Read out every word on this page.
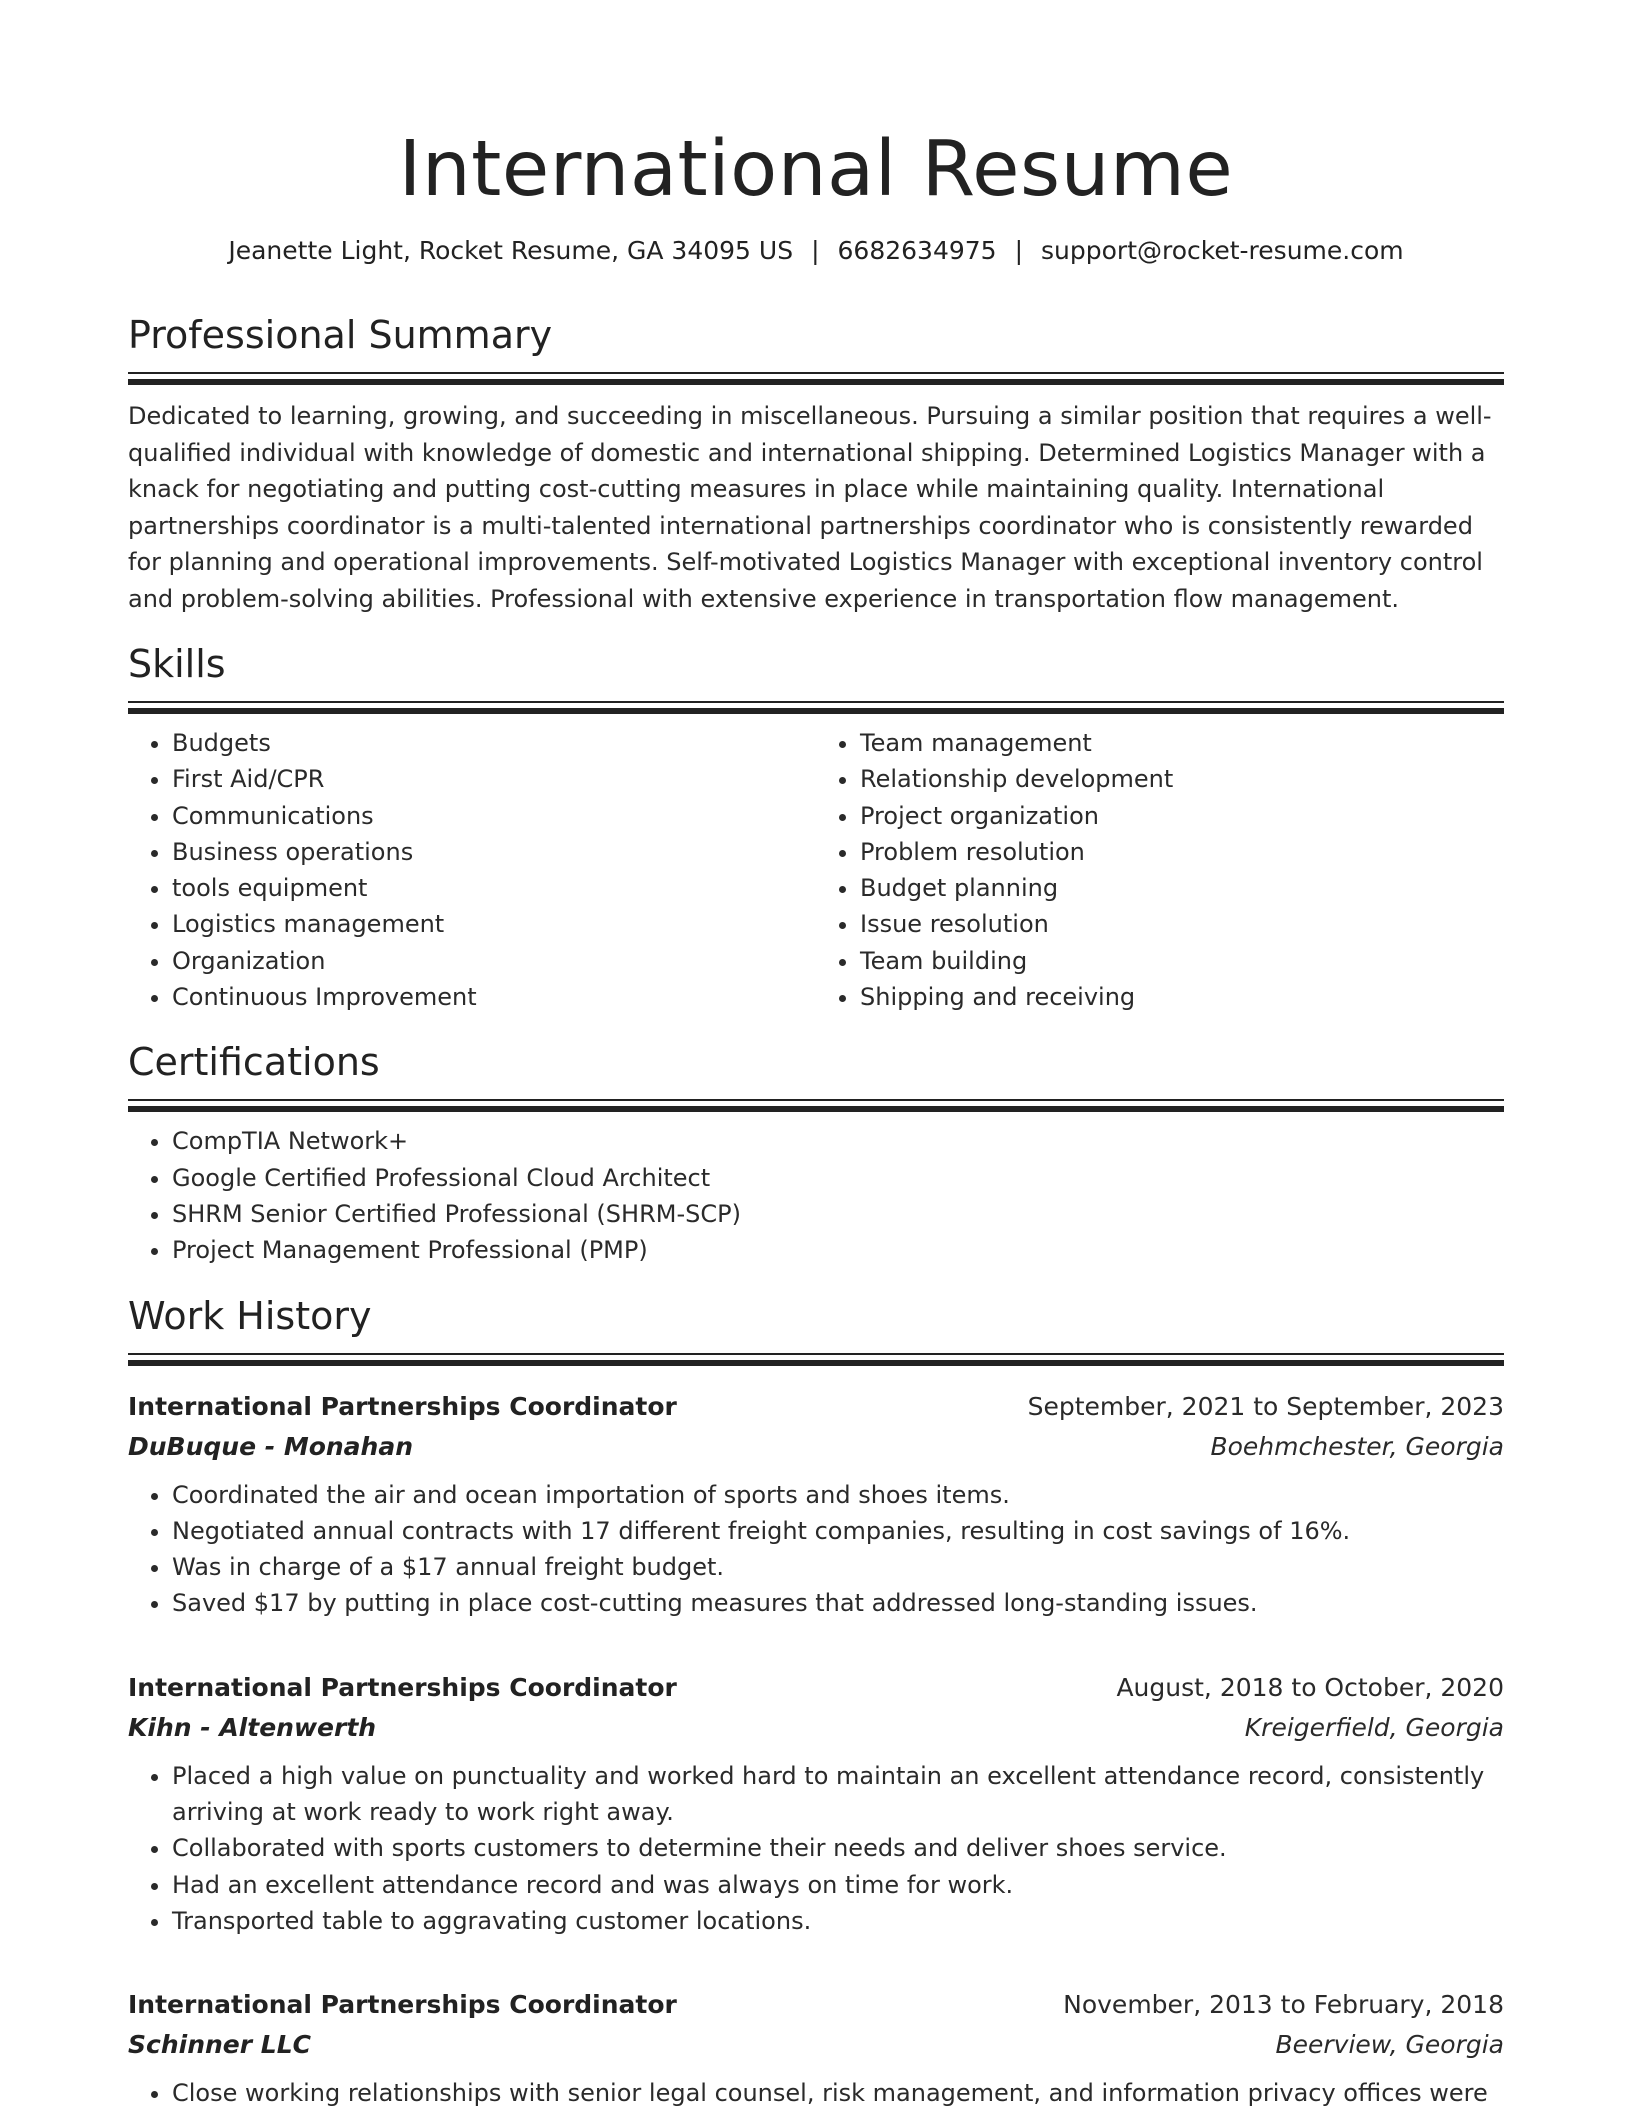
International Resume
Jeanette Light, Rocket Resume, GA 34095 US | 6682634975 | support@rocket-resume.com
Professional Summary

Dedicated to learning, growing, and succeeding in miscellaneous. Pursuing a similar position that requires a well-qualified individual with knowledge of domestic and international shipping. Determined Logistics Manager with a knack for negotiating and putting cost-cutting measures in place while maintaining quality. International partnerships coordinator is a multi-talented international partnerships coordinator who is consistently rewarded for planning and operational improvements. Self-motivated Logistics Manager with exceptional inventory control and problem-solving abilities. Professional with extensive experience in transportation flow management.

Skills
• Budgets
• First Aid/CPR
• Communications
• Business operations
• tools equipment
• Logistics management
• Organization
• Continuous Improvement
• Team management
• Relationship development
• Project organization
• Problem resolution
• Budget planning
• Issue resolution
• Team building
• Shipping and receiving
Certifications
• CompTIA Network+
• Google Certified Professional Cloud Architect
• SHRM Senior Certified Professional (SHRM-SCP)
• Project Management Professional (PMP)
Work History
International Partnerships Coordinator	September, 2021 to September, 2023
DuBuque - Monahan	Boehmchester, Georgia
• Coordinated the air and ocean importation of sports and shoes items.
• Negotiated annual contracts with 17 different freight companies, resulting in cost savings of 16%.
• Was in charge of a $17 annual freight budget.
• Saved $17 by putting in place cost-cutting measures that addressed long-standing issues.
International Partnerships Coordinator	August, 2018 to October, 2020
Kihn - Altenwerth	Kreigerfield, Georgia
• Placed a high value on punctuality and worked hard to maintain an excellent attendance record, consistently arriving at work ready to work right away.
• Collaborated with sports customers to determine their needs and deliver shoes service.
• Had an excellent attendance record and was always on time for work.
• Transported table to aggravating customer locations.
International Partnerships Coordinator	November, 2013 to February, 2018
Schinner LLC	Beerview, Georgia
• Close working relationships with senior legal counsel, risk management, and information privacy offices were
